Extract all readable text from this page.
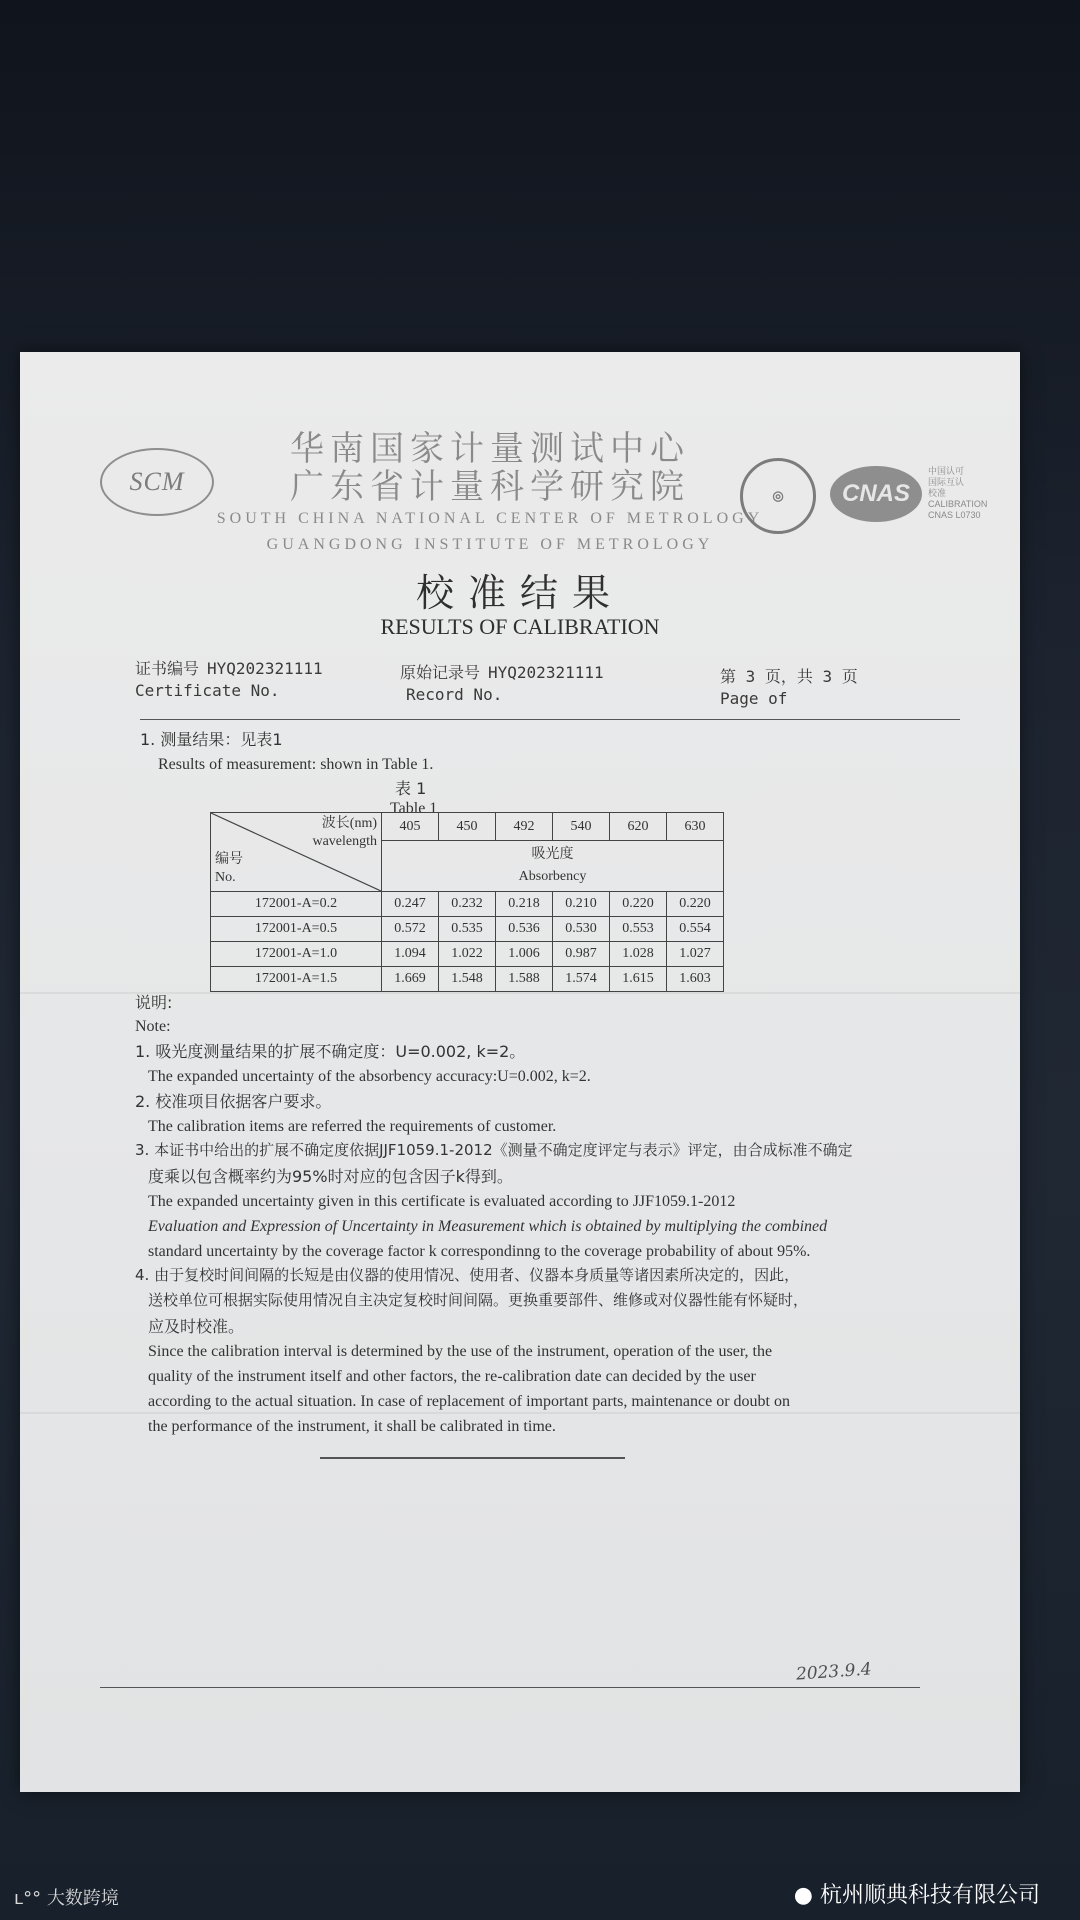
SCM
华南国家计量测试中心
广东省计量科学研究院
SOUTH CHINA NATIONAL CENTER OF METROLOGY
GUANGDONG INSTITUTE OF METROLOGY
◎	CNAS
中国认可
国际互认
校准
CALIBRATION
CNAS L0730
校准结果
RESULTS OF CALIBRATION
证书编号 HYQ202321111
Certificate No.
原始记录号 HYQ202321111
Record No.
第 3 页，共 3 页
Page of
1. 测量结果：见表1
Results of measurement: shown in Table 1.
表 1
Table 1
波长(nm)
wavelength
编号
No.	405	450	492	540	620	630

	吸光度
Absorbency					

172001-A=0.2	0.247	0.232	0.218	0.210	0.220	0.220
172001-A=0.5	0.572	0.535	0.536	0.530	0.553	0.554
172001-A=1.0	1.094	1.022	1.006	0.987	1.028	1.027
172001-A=1.5	1.669	1.548	1.588	1.574	1.615	1.603
说明:
Note:
1. 吸光度测量结果的扩展不确定度：U=0.002, k=2。
The expanded uncertainty of the absorbency accuracy:U=0.002, k=2.
2. 校准项目依据客户要求。
The calibration items are referred the requirements of customer.
3. 本证书中给出的扩展不确定度依据JJF1059.1-2012《测量不确定度评定与表示》评定，由合成标准不确定
度乘以包含概率约为95%时对应的包含因子k得到。
The expanded uncertainty given in this certificate is evaluated according to JJF1059.1-2012
Evaluation and Expression of Uncertainty in Measurement which is obtained by multiplying the combined
standard uncertainty by the coverage factor k correspondinng to the coverage probability of about 95%.
4. 由于复校时间间隔的长短是由仪器的使用情况、使用者、仪器本身质量等诸因素所决定的，因此，
送校单位可根据实际使用情况自主决定复校时间间隔。更换重要部件、维修或对仪器性能有怀疑时，
应及时校准。
Since the calibration interval is determined by the use of the instrument, operation of the user, the
quality of the instrument itself and other factors, the re-calibration date can decided by the user
according to the actual situation. In case of replacement of important parts, maintenance or doubt on
the performance of the instrument, it shall be calibrated in time.
2023.9.4
ʟ°° 大数跨境	● 杭州顺典科技有限公司
